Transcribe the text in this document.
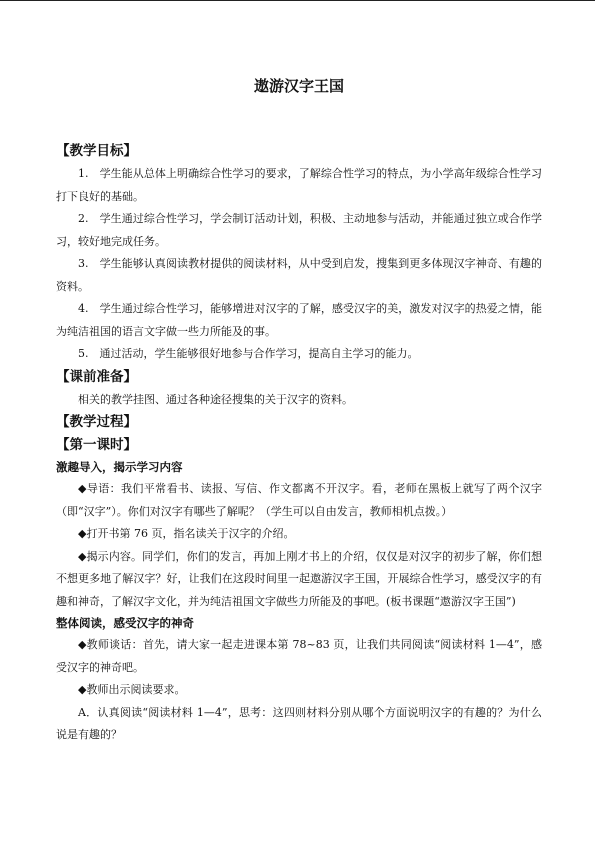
遨游汉字王国
【教学目标】

1.　学生能从总体上明确综合性学习的要求，了解综合性学习的特点，为小学高年级综合性学习打下良好的基础。

2.　学生通过综合性学习，学会制订活动计划，积极、主动地参与活动，并能通过独立或合作学习，较好地完成任务。

3.　学生能够认真阅读教材提供的阅读材料，从中受到启发，搜集到更多体现汉字神奇、有趣的资料。

4.　学生通过综合性学习，能够增进对汉字的了解，感受汉字的美，激发对汉字的热爱之情，能为纯洁祖国的语言文字做一些力所能及的事。

5.　通过活动，学生能够很好地参与合作学习，提高自主学习的能力。

【课前准备】

相关的教学挂图、通过各种途径搜集的关于汉字的资料。

【教学过程】
【第一课时】
激趣导入，揭示学习内容

◆导语：我们平常看书、读报、写信、作文都离不开汉字。看，老师在黑板上就写了两个汉字（即“汉字”）。你们对汉字有哪些了解呢？（学生可以自由发言，教师相机点拨。）

◆打开书第 76 页，指名读关于汉字的介绍。

◆揭示内容。同学们，你们的发言，再加上刚才书上的介绍，仅仅是对汉字的初步了解，你们想不想更多地了解汉字？好，让我们在这段时间里一起遨游汉字王国，开展综合性学习，感受汉字的有趣和神奇，了解汉字文化，并为纯洁祖国文字做些力所能及的事吧。(板书课题“遨游汉字王国”)

整体阅读，感受汉字的神奇

◆教师谈话：首先，请大家一起走进课本第 78~83 页，让我们共同阅读“阅读材料 1—4”，感受汉字的神奇吧。

◆教师出示阅读要求。

A．认真阅读“阅读材料 1—4”，思考：这四则材料分别从哪个方面说明汉字的有趣的？为什么说是有趣的？
